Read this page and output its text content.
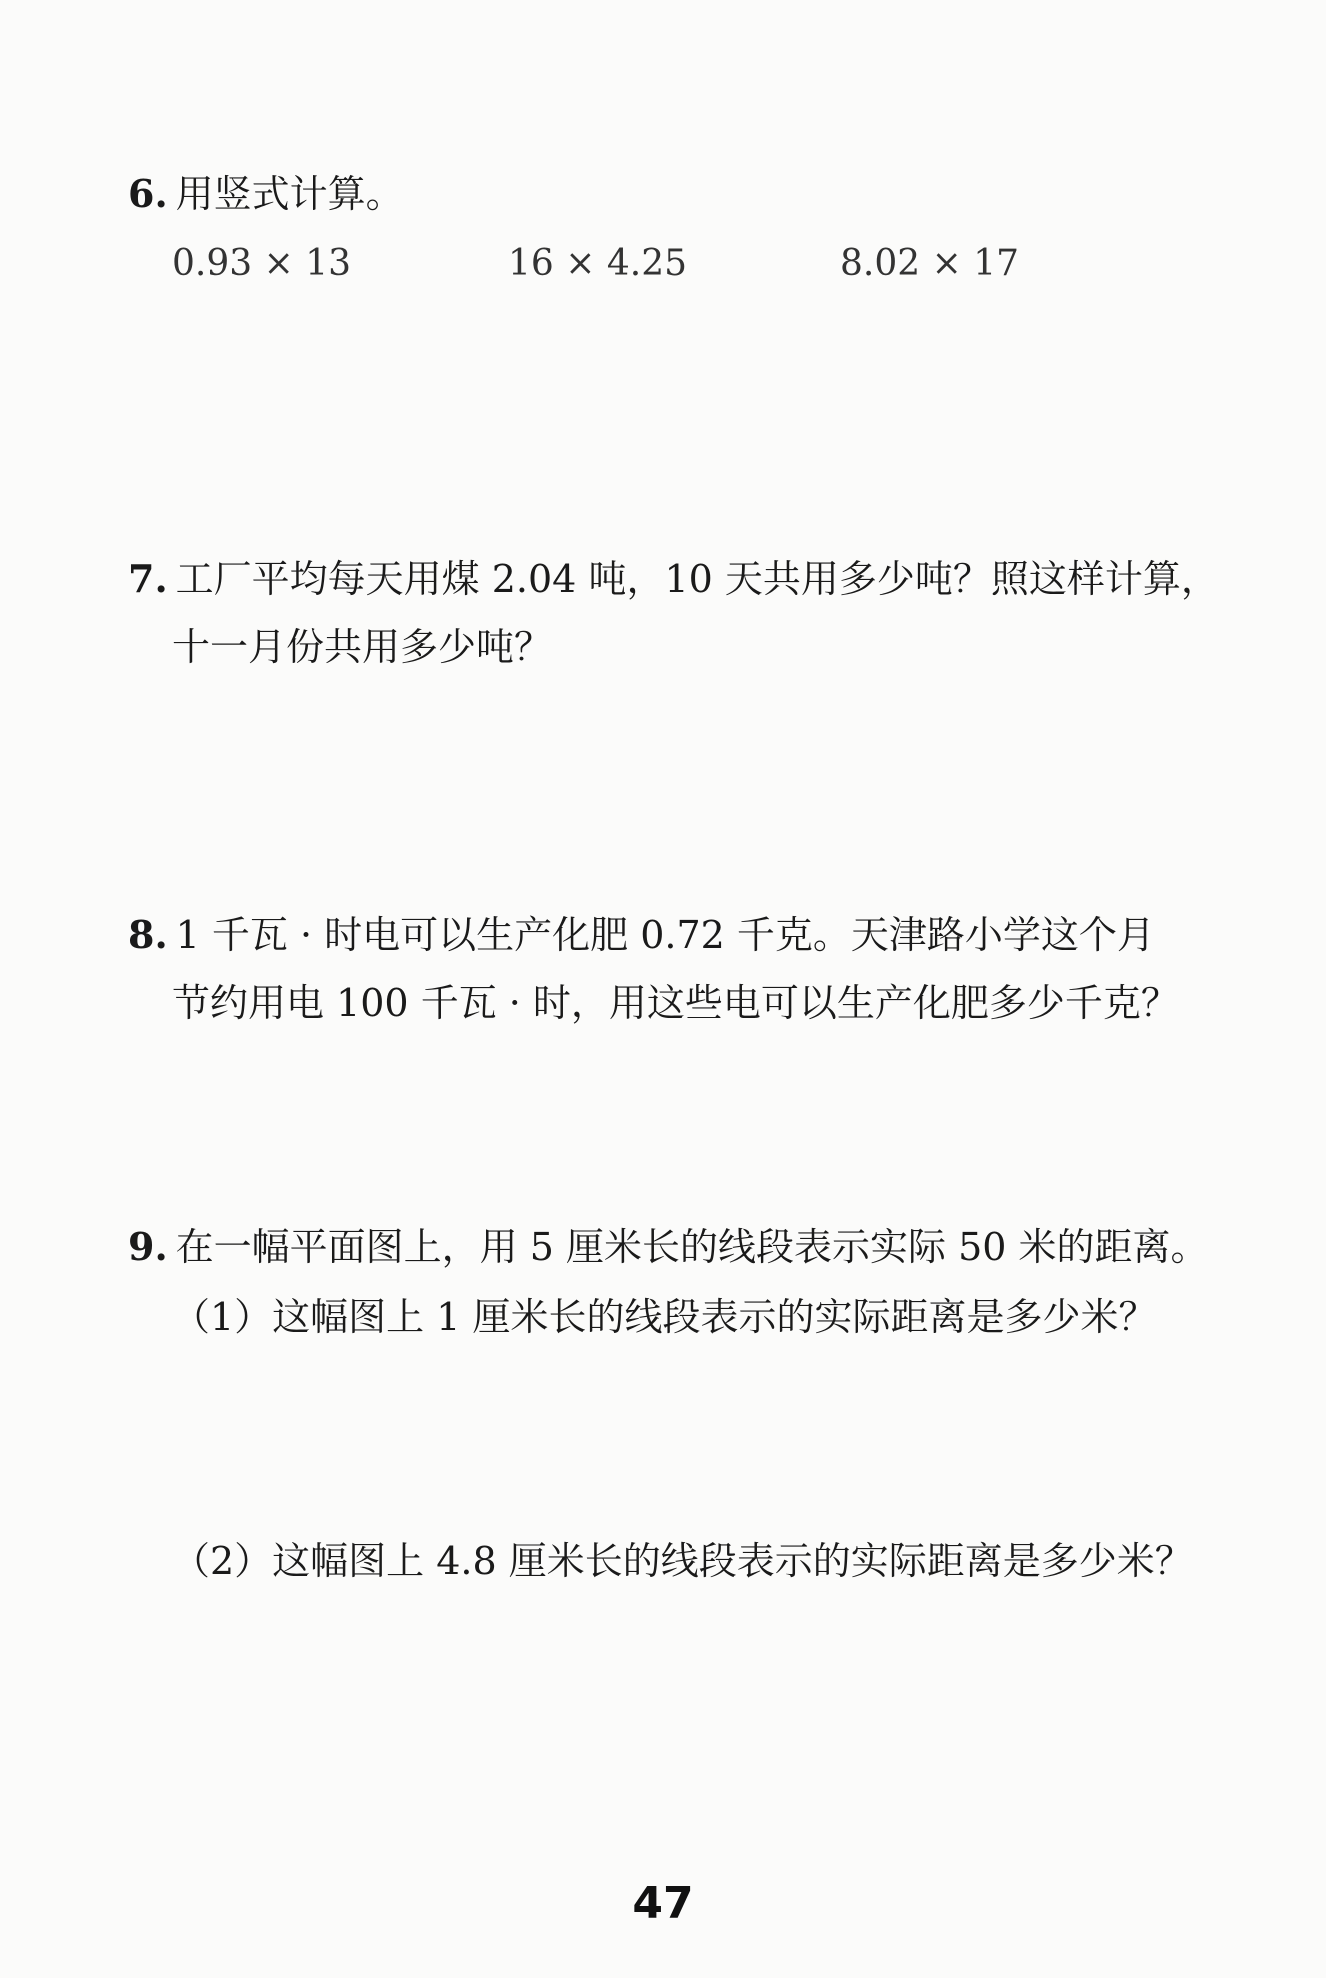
6. 用竖式计算。
0.93 × 13	16 × 4.25	8.02 × 17
7. 工厂平均每天用煤 2.04 吨，10 天共用多少吨？照这样计算，
十一月份共用多少吨？
8. 1 千瓦 · 时电可以生产化肥 0.72 千克。天津路小学这个月
节约用电 100 千瓦 · 时，用这些电可以生产化肥多少千克？
9. 在一幅平面图上，用 5 厘米长的线段表示实际 50 米的距离。
（1）这幅图上 1 厘米长的线段表示的实际距离是多少米？
（2）这幅图上 4.8 厘米长的线段表示的实际距离是多少米？
47
